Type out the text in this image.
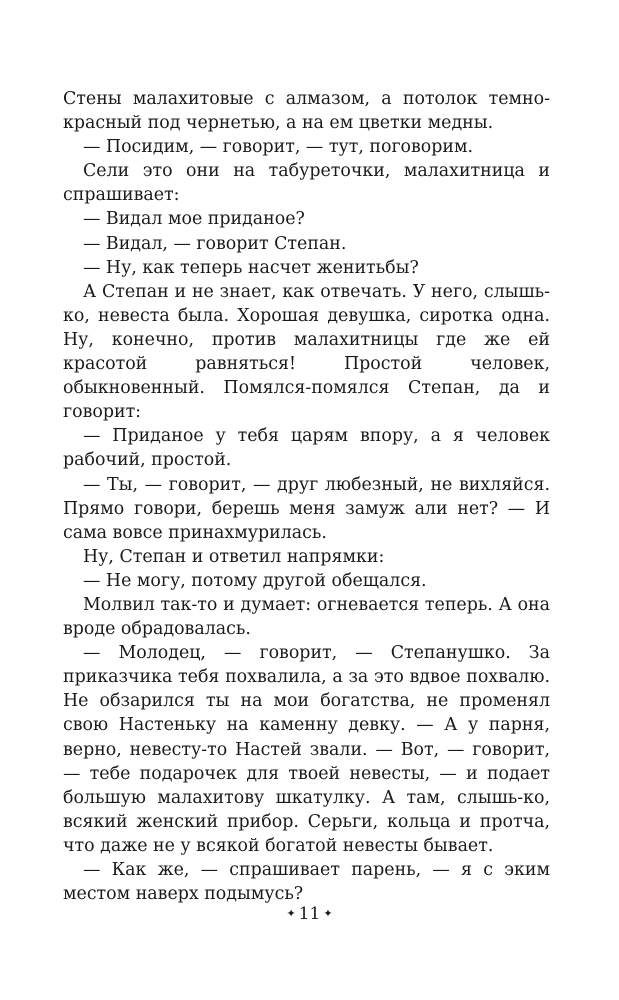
Стены малахитовые с алмазом, а потолок темно-красный под чернетью, а на ем цветки медны.

— Посидим, — говорит, — тут, поговорим.

Сели это они на табуреточки, малахитница и спрашивает:

— Видал мое приданое?

— Видал, — говорит Степан.

— Ну, как теперь насчет женитьбы?

А Степан и не знает, как отвечать. У него, слышь-ко, невеста была. Хорошая девушка, сиротка одна. Ну, конечно, против малахитницы где же ей красотой равняться! Простой человек, обыкновенный. Помялся-помялся Степан, да и говорит:

— Приданое у тебя царям впору, а я человек рабочий, простой.

— Ты, — говорит, — друг любезный, не вихляйся. Прямо говори, берешь меня замуж али нет? — И сама вовсе принахмурилась.

Ну, Степан и ответил напрямки:

— Не могу, потому другой обещался.

Молвил так-то и думает: огневается теперь. А она вроде обрадовалась.

— Молодец, — говорит, — Степанушко. За приказчика тебя похвалила, а за это вдвое похвалю. Не обзарился ты на мои богатства, не променял свою Настеньку на каменну девку. — А у парня, верно, невесту-то Настей звали. — Вот, — говорит, — тебе подарочек для твоей невесты, — и подает большую малахитову шкатулку. А там, слышь-ко, всякий женский прибор. Серьги, кольца и протча, что даже не у всякой богатой невесты бывает.

— Как же, — спрашивает парень, — я с эким местом наверх подымусь?

✦ 11 ✦
